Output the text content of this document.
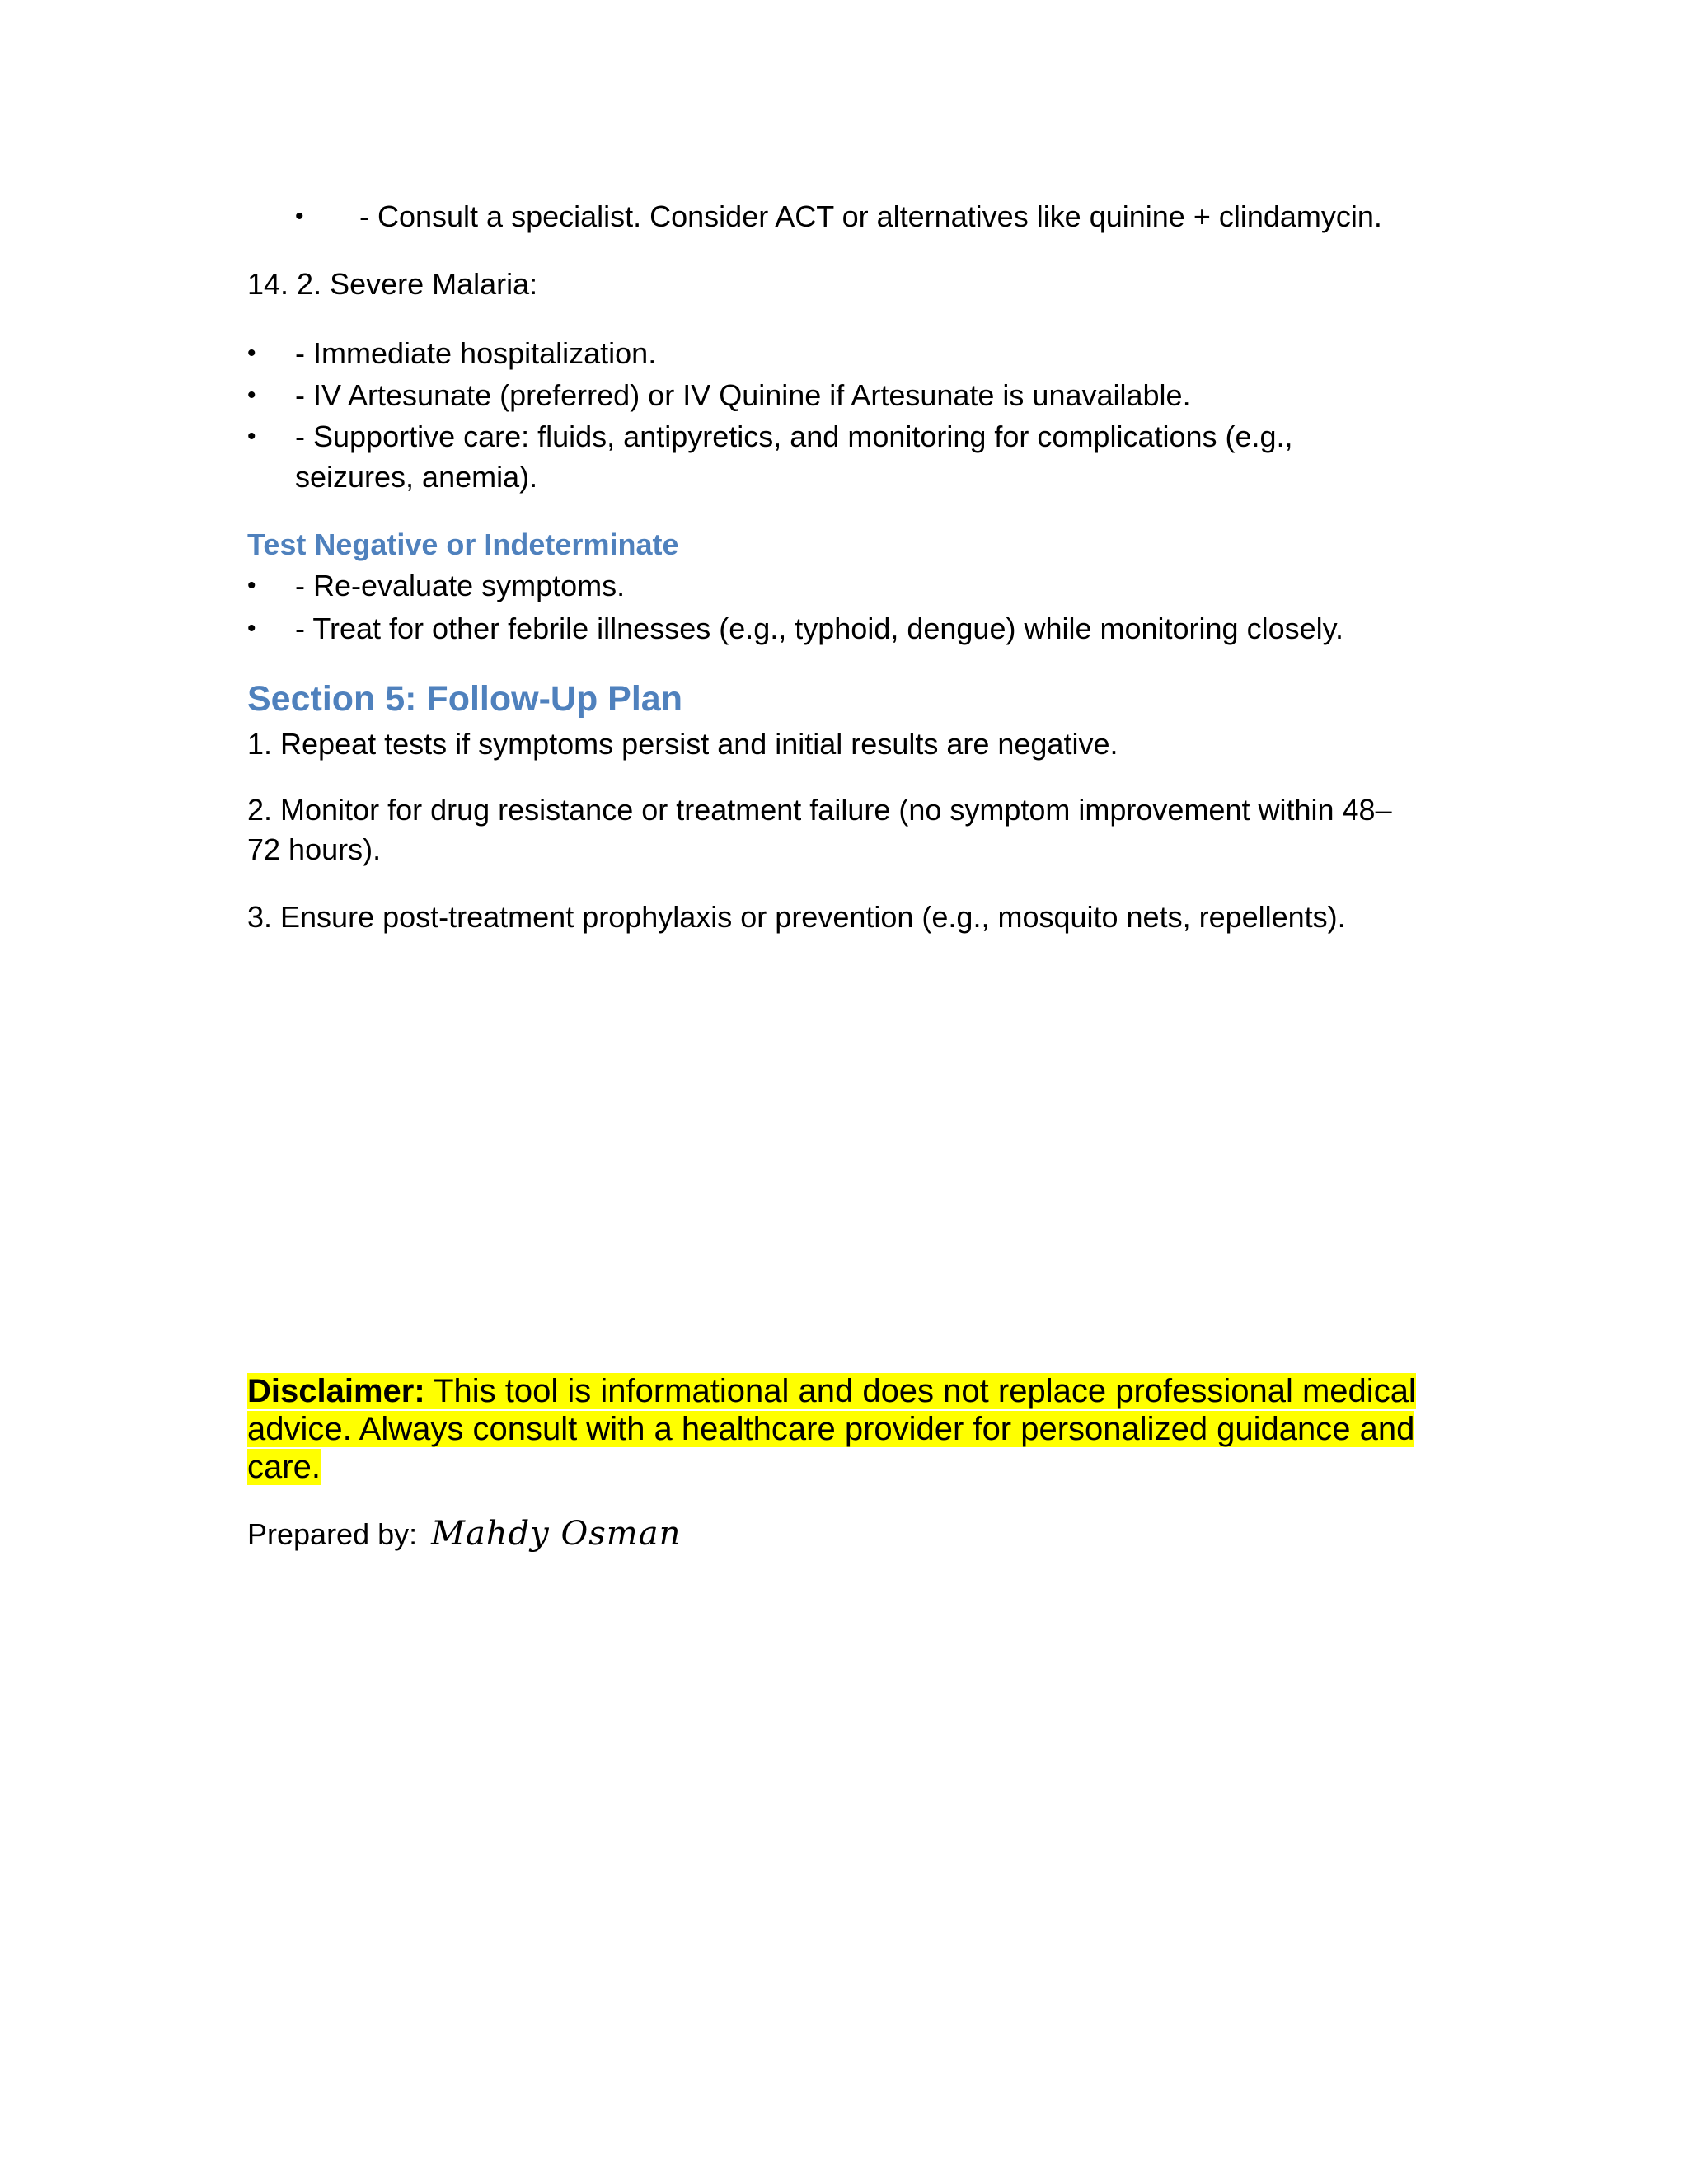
• - Consult a specialist. Consider ACT or alternatives like quinine + clindamycin.
14. 2. Severe Malaria:
• - Immediate hospitalization.
• - IV Artesunate (preferred) or IV Quinine if Artesunate is unavailable.
• - Supportive care: fluids, antipyretics, and monitoring for complications (e.g.,
seizures, anemia).
Test Negative or Indeterminate
• - Re-evaluate symptoms.
• - Treat for other febrile illnesses (e.g., typhoid, dengue) while monitoring closely.
Section 5: Follow-Up Plan
1. Repeat tests if symptoms persist and initial results are negative.
2. Monitor for drug resistance or treatment failure (no symptom improvement within 48–
72 hours).
3. Ensure post-treatment prophylaxis or prevention (e.g., mosquito nets, repellents).
Disclaimer: This tool is informational and does not replace professional medical advice. Always consult with a healthcare provider for personalized guidance and care.
Prepared by: Mahdy Osman
